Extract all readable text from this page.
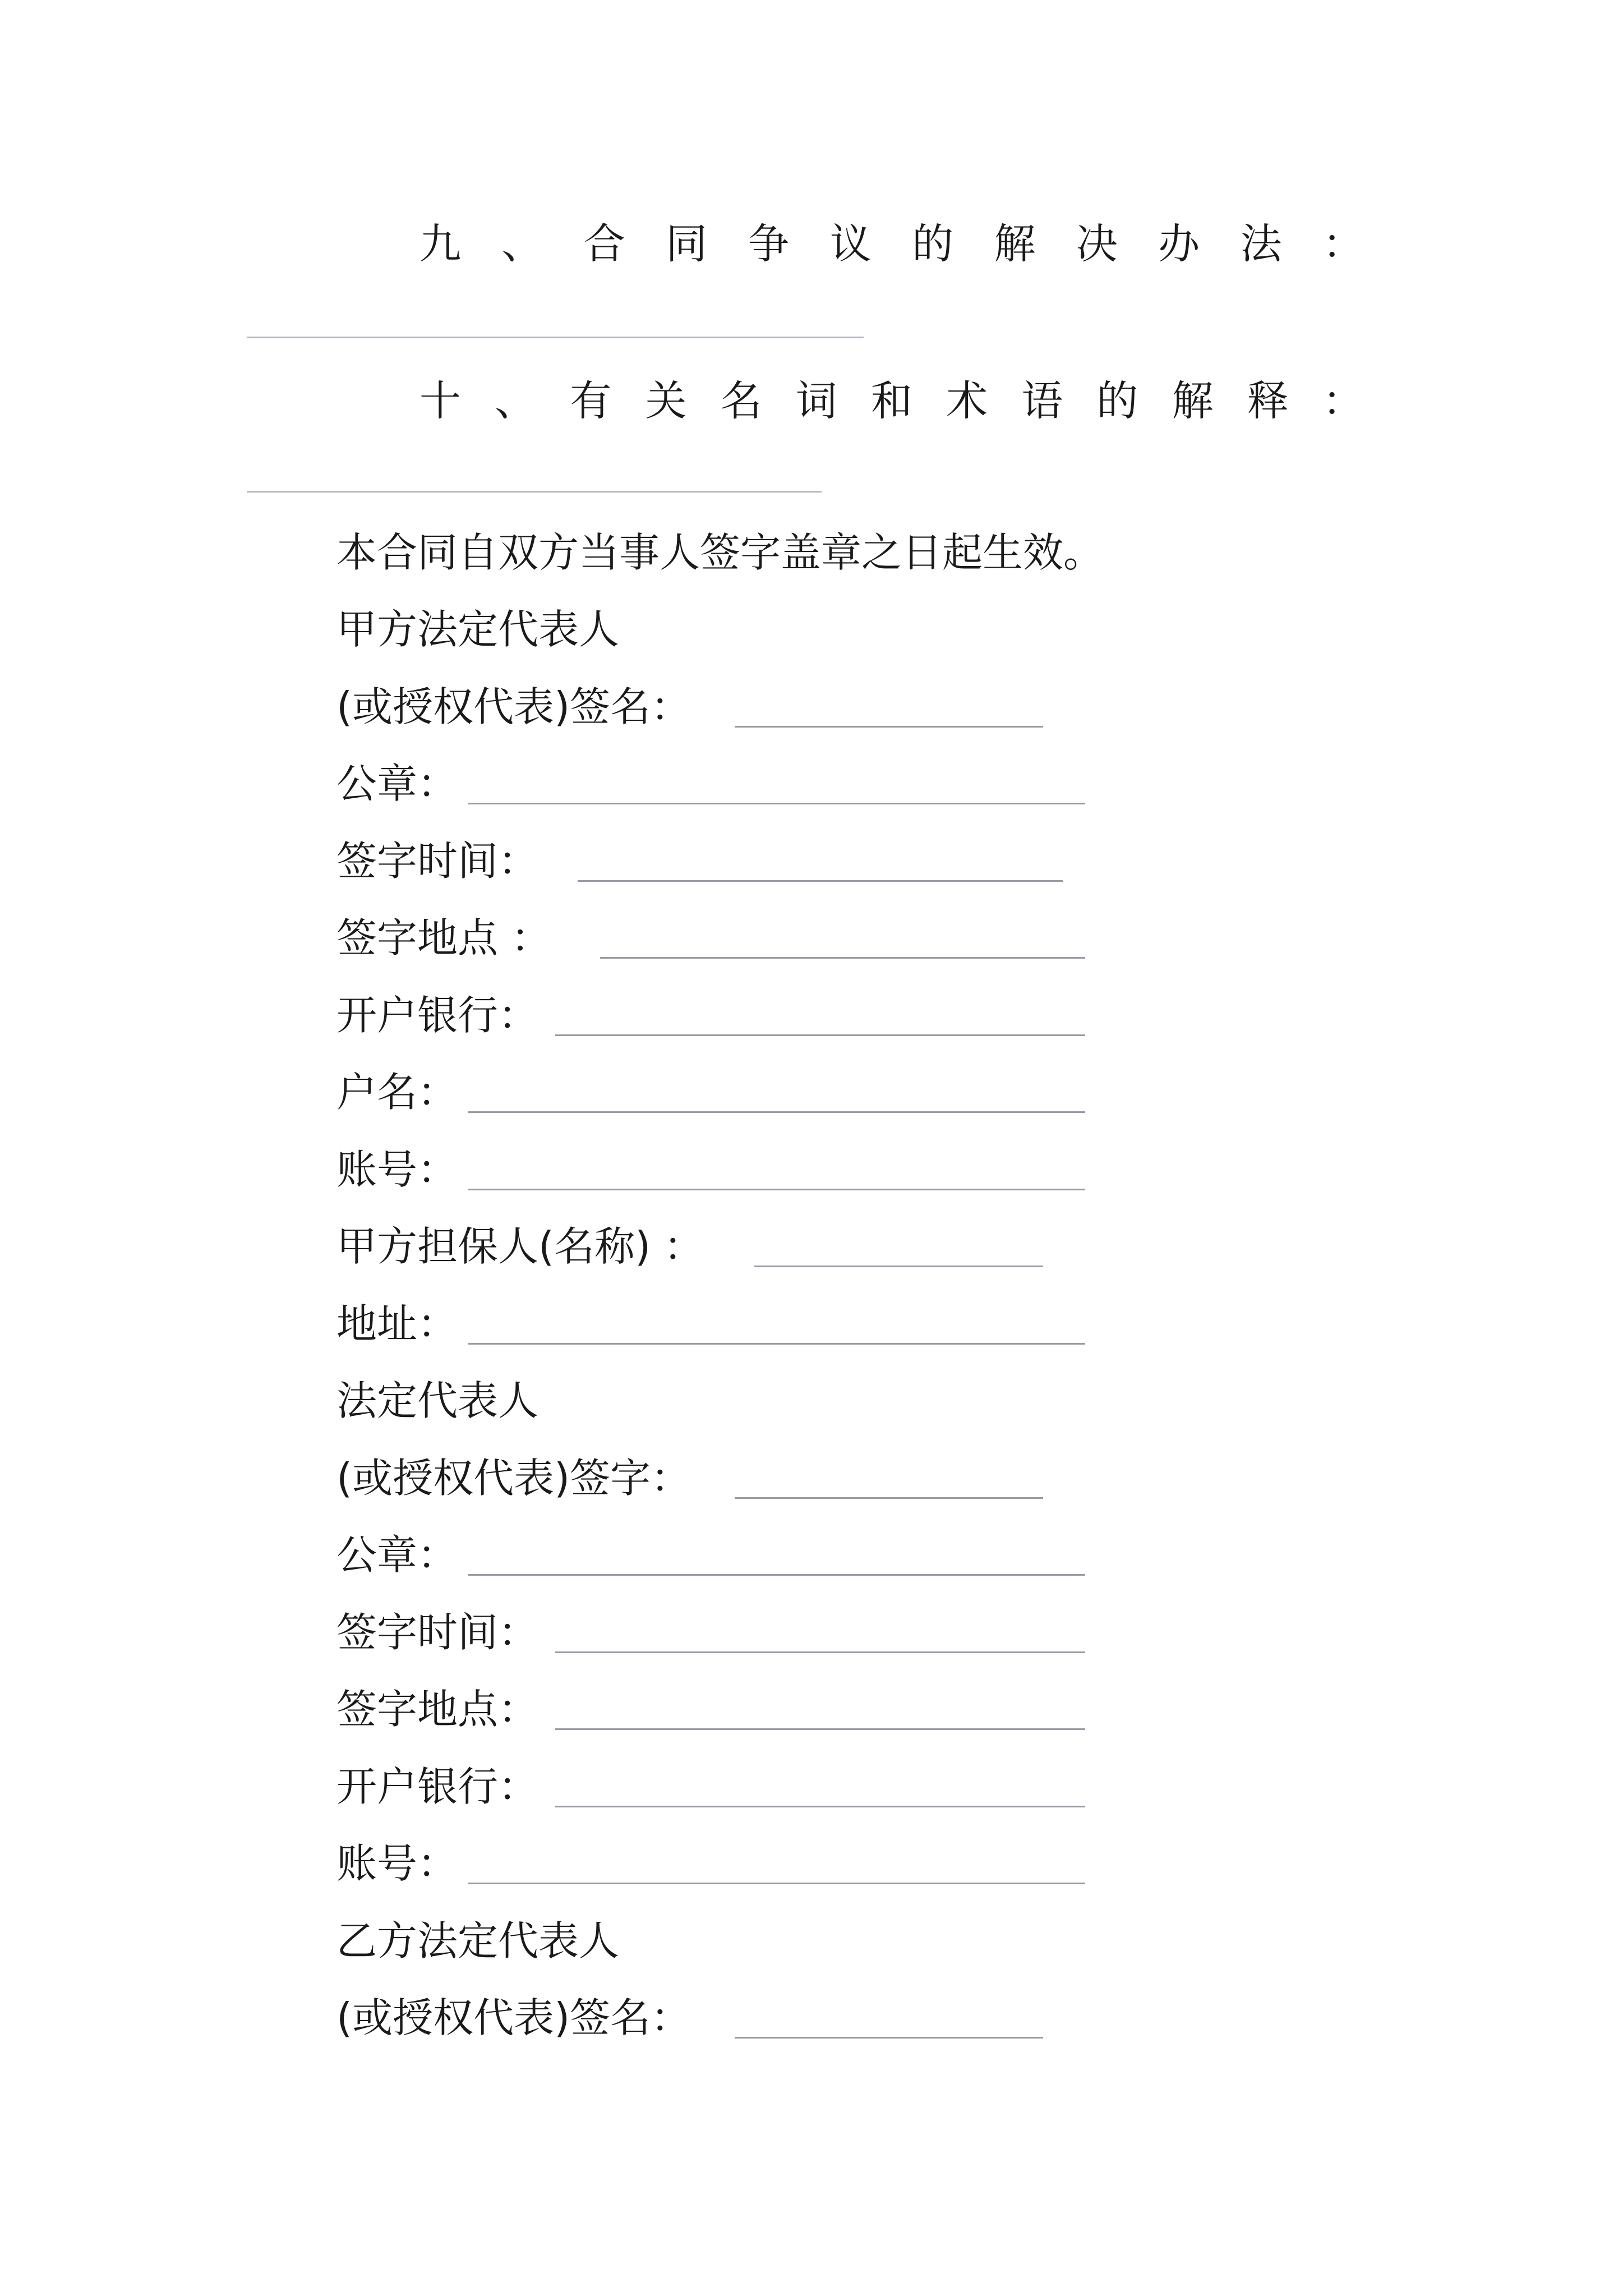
九 、 合 同 争 议 的 解 决 办 法 ：
十 、 有 关 名 词 和 术 语 的 解 释 ：
本合同自双方当事人签字盖章之日起生效。
甲方法定代表人
(或授权代表)签名：
公章：
签字时间：
签字地点 ：
开户银行：
户名：
账号：
甲方担保人(名称) ：
地址：
法定代表人
(或授权代表)签字：
公章：
签字时间：
签字地点：
开户银行：
账号：
乙方法定代表人
(或授权代表)签名：
